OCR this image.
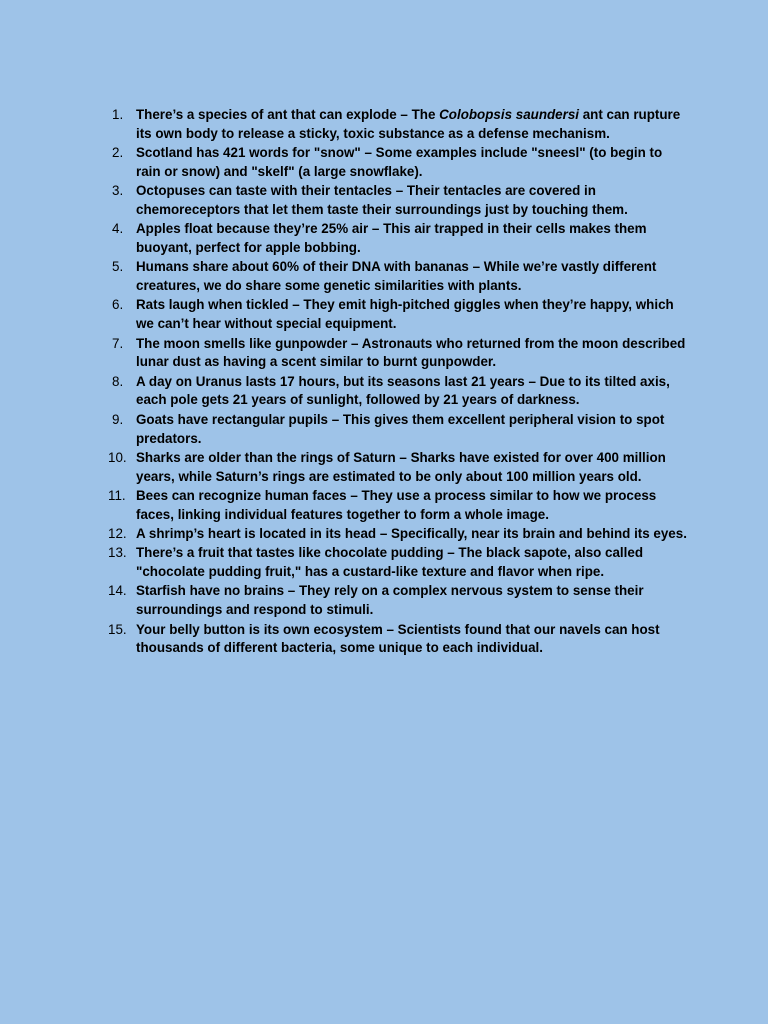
1. There’s a species of ant that can explode – The Colobopsis saundersi ant can rupture its own body to release a sticky, toxic substance as a defense mechanism.
2. Scotland has 421 words for "snow" – Some examples include "sneesl" (to begin to rain or snow) and "skelf" (a large snowflake).
3. Octopuses can taste with their tentacles – Their tentacles are covered in chemoreceptors that let them taste their surroundings just by touching them.
4. Apples float because they’re 25% air – This air trapped in their cells makes them buoyant, perfect for apple bobbing.
5. Humans share about 60% of their DNA with bananas – While we’re vastly different creatures, we do share some genetic similarities with plants.
6. Rats laugh when tickled – They emit high-pitched giggles when they’re happy, which we can’t hear without special equipment.
7. The moon smells like gunpowder – Astronauts who returned from the moon described lunar dust as having a scent similar to burnt gunpowder.
8. A day on Uranus lasts 17 hours, but its seasons last 21 years – Due to its tilted axis, each pole gets 21 years of sunlight, followed by 21 years of darkness.
9. Goats have rectangular pupils – This gives them excellent peripheral vision to spot predators.
10. Sharks are older than the rings of Saturn – Sharks have existed for over 400 million years, while Saturn’s rings are estimated to be only about 100 million years old.
11. Bees can recognize human faces – They use a process similar to how we process faces, linking individual features together to form a whole image.
12. A shrimp’s heart is located in its head – Specifically, near its brain and behind its eyes.
13. There’s a fruit that tastes like chocolate pudding – The black sapote, also called "chocolate pudding fruit," has a custard-like texture and flavor when ripe.
14. Starfish have no brains – They rely on a complex nervous system to sense their surroundings and respond to stimuli.
15. Your belly button is its own ecosystem – Scientists found that our navels can host thousands of different bacteria, some unique to each individual.
